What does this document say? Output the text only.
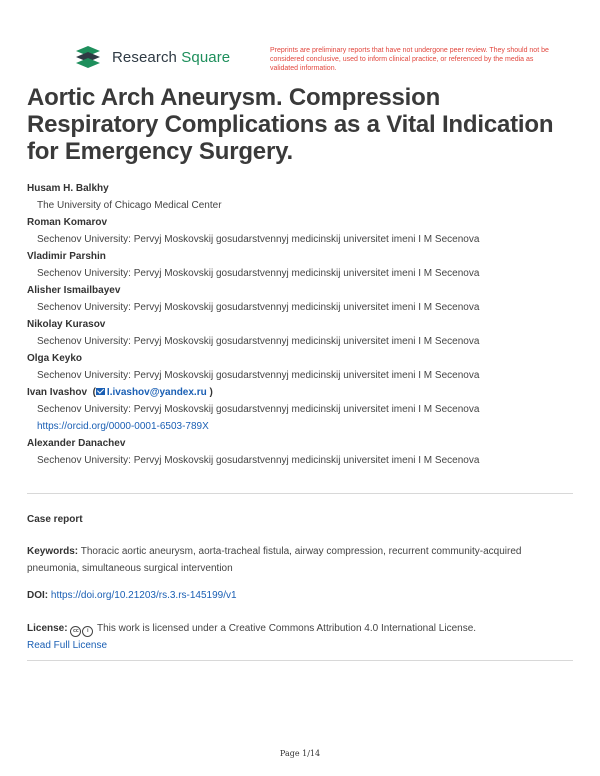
Research Square	Preprints are preliminary reports that have not undergone peer review. They should not be considered conclusive, used to inform clinical practice, or referenced by the media as validated information.
Aortic Arch Aneurysm. Compression Respiratory Complications as a Vital Indication for Emergency Surgery.
Husam H. Balkhy
The University of Chicago Medical Center
Roman Komarov
Sechenov University: Pervyj Moskovskij gosudarstvennyj medicinskij universitet imeni I M Secenova
Vladimir Parshin
Sechenov University: Pervyj Moskovskij gosudarstvennyj medicinskij universitet imeni I M Secenova
Alisher Ismailbayev
Sechenov University: Pervyj Moskovskij gosudarstvennyj medicinskij universitet imeni I M Secenova
Nikolay Kurasov
Sechenov University: Pervyj Moskovskij gosudarstvennyj medicinskij universitet imeni I M Secenova
Olga Keyko
Sechenov University: Pervyj Moskovskij gosudarstvennyj medicinskij universitet imeni I M Secenova
Ivan Ivashov  ( I.ivashov@yandex.ru )
Sechenov University: Pervyj Moskovskij gosudarstvennyj medicinskij universitet imeni I M Secenova
https://orcid.org/0000-0001-6503-789X
Alexander Danachev
Sechenov University: Pervyj Moskovskij gosudarstvennyj medicinskij universitet imeni I M Secenova
Case report
Keywords: Thoracic aortic aneurysm, aorta-tracheal fistula, airway compression, recurrent community-acquired pneumonia, simultaneous surgical intervention
DOI: https://doi.org/10.21203/rs.3.rs-145199/v1
License: cc i This work is licensed under a Creative Commons Attribution 4.0 International License.
Read Full License
Page 1/14
